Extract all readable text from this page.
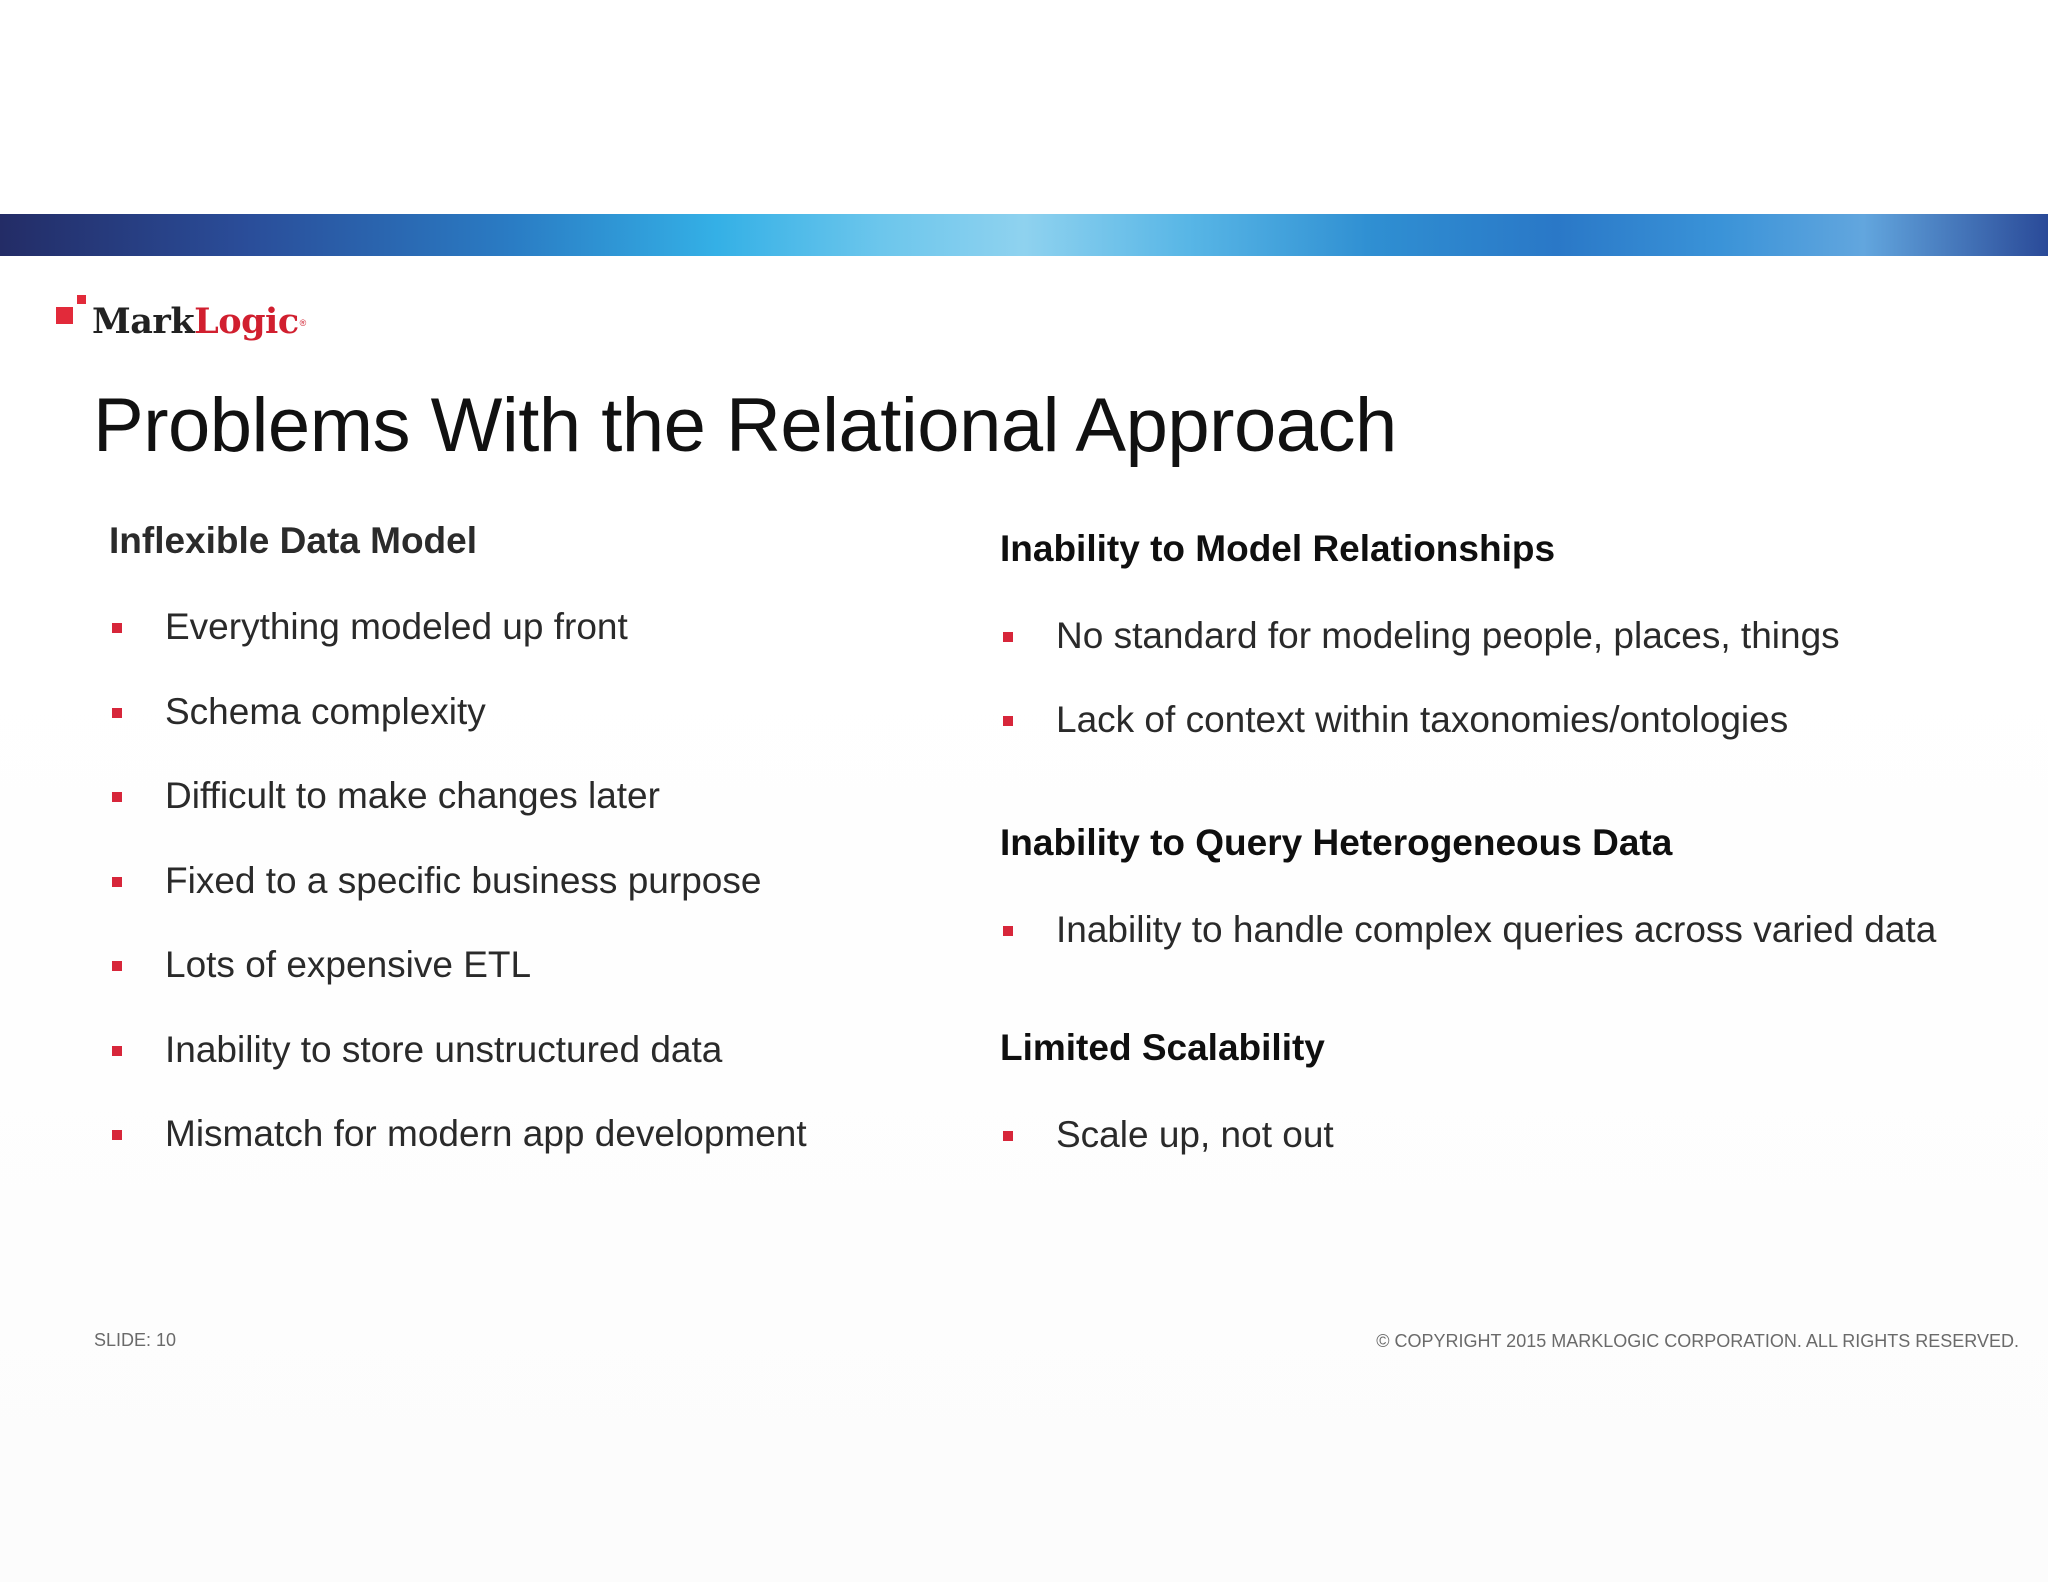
MarkLogic ®
Problems With the Relational Approach
Inflexible Data Model
Everything modeled up front
Schema complexity
Difficult to make changes later
Fixed to a specific business purpose
Lots of expensive ETL
Inability to store unstructured data
Mismatch for modern app development
Inability to Model Relationships
No standard for modeling people, places, things
Lack of context within taxonomies/ontologies
Inability to Query Heterogeneous Data
Inability to handle complex queries across varied data
Limited Scalability
Scale up, not out
SLIDE: 10	© COPYRIGHT 2015 MARKLOGIC CORPORATION. ALL RIGHTS RESERVED.
